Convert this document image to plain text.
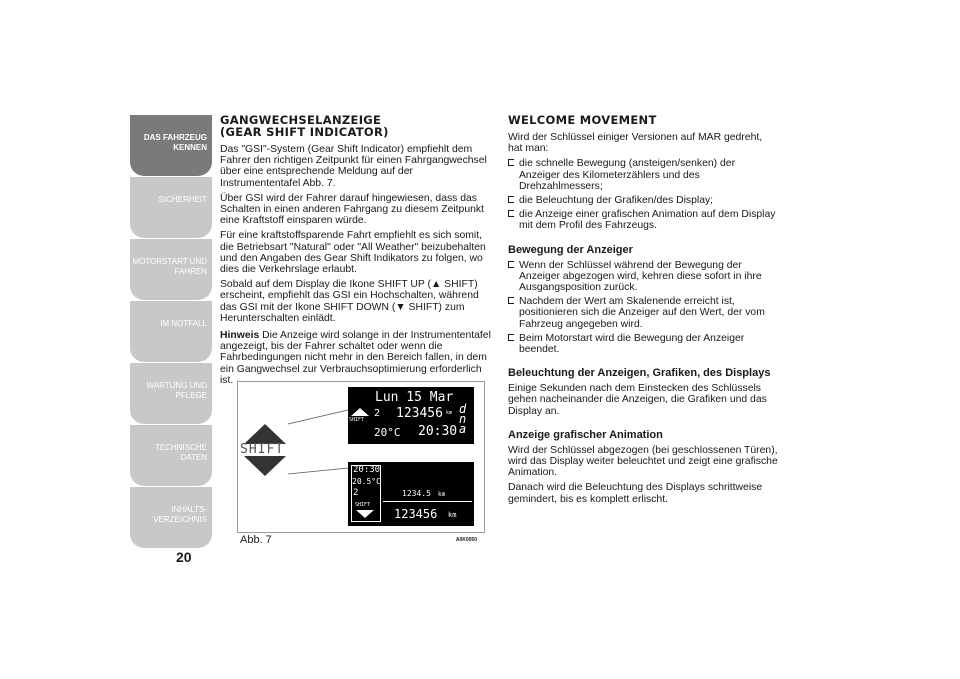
DAS FAHRZEUG KENNEN
SICHERHEIT
MOTORSTART UND FAHREN
IM NOTFALL
WARTUNG UND PFLEGE
TECHNISCHE DATEN
INHALTS- VERZEICHNIS
20
GANGWECHSELANZEIGE
(GEAR SHIFT INDICATOR)

Das "GSI"-System (Gear Shift Indicator) empfiehlt dem Fahrer den richtigen Zeitpunkt für einen Fahrgangwechsel über eine entsprechende Meldung auf der Instrumententafel Abb. 7.

Über GSI wird der Fahrer darauf hingewiesen, dass das Schalten in einen anderen Fahrgang zu diesem Zeitpunkt eine Kraftstoff einsparen würde.

Für eine kraftstoffsparende Fahrt empfiehlt es sich somit, die Betriebsart "Natural" oder "All Weather" beizubehalten und den Angaben des Gear Shift Indikators zu folgen, wo dies die Verkehrslage erlaubt.

Sobald auf dem Display die Ikone SHIFT UP (▲ SHIFT) erscheint, empfiehlt das GSI ein Hochschalten, während das GSI mit der Ikone SHIFT DOWN (▼ SHIFT) zum Herunterschalten einlädt.

Hinweis Die Anzeige wird solange in der Instrumententafel angezeigt, bis der Fahrer schaltet oder wenn die Fahrbedingungen nicht mehr in den Bereich fallen, in dem ein Gangwechsel zur Verbrauchsoptimierung erforderlich ist.

SHIFT
Lun 15 Mar
SHIFT
2 123456 km
20°C 20:30
d
n
a
20:30
20.5°C
2
SHIFT
1234.5 km
123456 km
Abb. 7	A0K0050
WELCOME MOVEMENT

Wird der Schlüssel einiger Versionen auf MAR gedreht, hat man:

die schnelle Bewegung (ansteigen/senken) der Anzeiger des Kilometerzählers und des Drehzahlmessers;
die Beleuchtung der Grafiken/des Display;
die Anzeige einer grafischen Animation auf dem Display mit dem Profil des Fahrzeugs.
Bewegung der Anzeiger
Wenn der Schlüssel während der Bewegung der Anzeiger abgezogen wird, kehren diese sofort in ihre Ausgangsposition zurück.
Nachdem der Wert am Skalenende erreicht ist, positionieren sich die Anzeiger auf den Wert, der vom Fahrzeug angegeben wird.
Beim Motorstart wird die Bewegung der Anzeiger beendet.
Beleuchtung der Anzeigen, Grafiken, des Displays

Einige Sekunden nach dem Einstecken des Schlüssels gehen nacheinander die Anzeigen, die Grafiken und das Display an.

Anzeige grafischer Animation

Wird der Schlüssel abgezogen (bei geschlossenen Türen), wird das Display weiter beleuchtet und zeigt eine grafische Animation.

Danach wird die Beleuchtung des Displays schrittweise gemindert, bis es komplett erlischt.
